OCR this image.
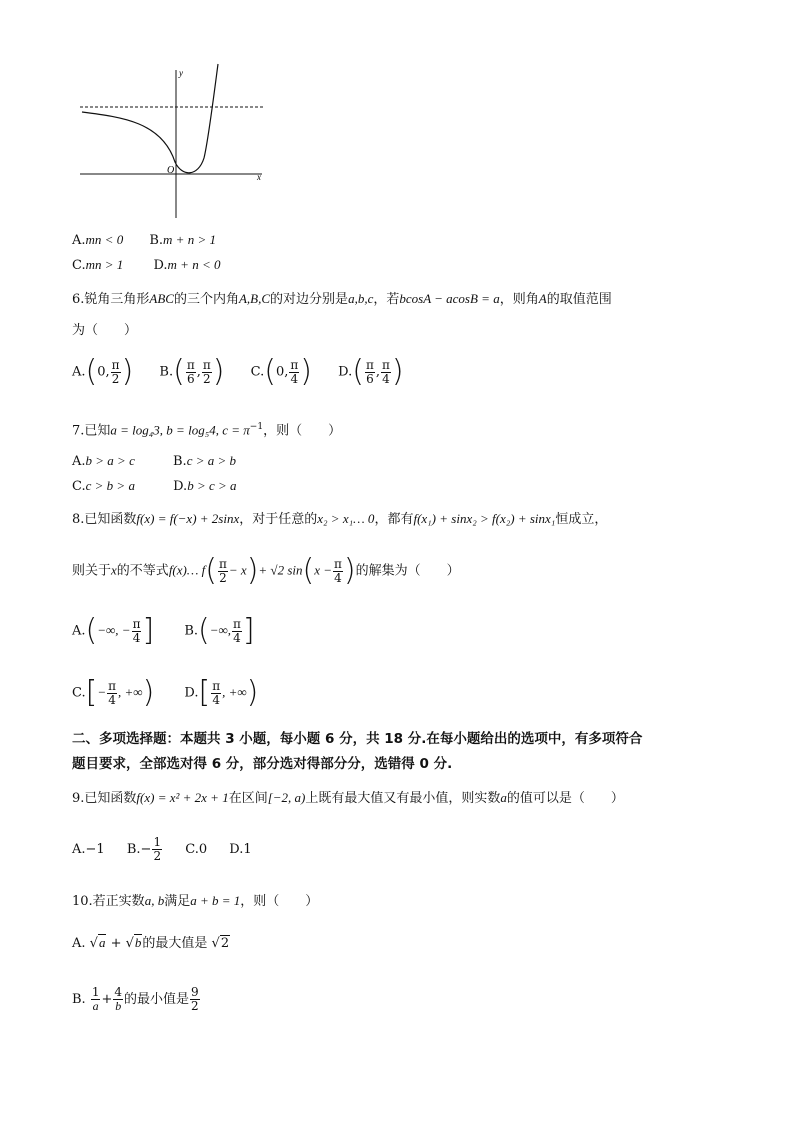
y
x
O
A.mn < 0 B.m + n > 1
C.mn > 1 D.m + n < 0
6.锐角三角形ABC的三个内角A,B,C的对边分别是a,b,c，若bcosA − acosB = a，则角A的取值范围
为（　　）
A.(0, $\frac{\pi}{2}$ ) $B.( \frac{\pi}{6}$ , $\frac{\pi}{2}$ ) C.(0, $\frac{\pi}{4}$ ) $D.( \frac{\pi}{6}$ , $\frac{\pi}{4}$ )
7.已知a = log₄3, b = log₅4, $c = \pi^{-1}$，则（　　）
A.b > a > c	B.c > a > b
C.c > b > a	D.b > c > a
8.已知函数f(x) = f(−x) + 2sinx，对于任意的x₂ > x₁… 0，都有f(x₁) + sinx₂ > f(x₂) + sinx₁恒成立，
则关于x的不等式f(x)… $f( \frac{\pi}{2} - x)+ √2$ $\sin(x - \frac{\pi}{4}$ )的解集为（　　）
A.(−∞, − $\frac{\pi}{4}$ ] B.(−∞, $\frac{\pi}{4}$ ]
$C.[- \frac{\pi}{4}$ , +∞) $D.[ \frac{\pi}{4}$ , +∞)
二、多项选择题：本题共 3 小题，每小题 6 分，共 18 分.在每小题给出的选项中，有多项符合
题目要求，全部选对得 6 分，部分选对得部分分，选错得 0 分.
9.已知函数f(x) = x² + 2x + 1在区间[−2, a)上既有最大值又有最小值，则实数a的值可以是（　　）
A.−1 $B.- \frac{1}{2} C.0$ D.1
10.若正实数a, b满足a + b = 1，则（　　）
A. √a + √b的最大值是 √2
B. $\frac{1}{a} + \frac{4}{b}$ 的最小值是 $\frac{9}{2}$
